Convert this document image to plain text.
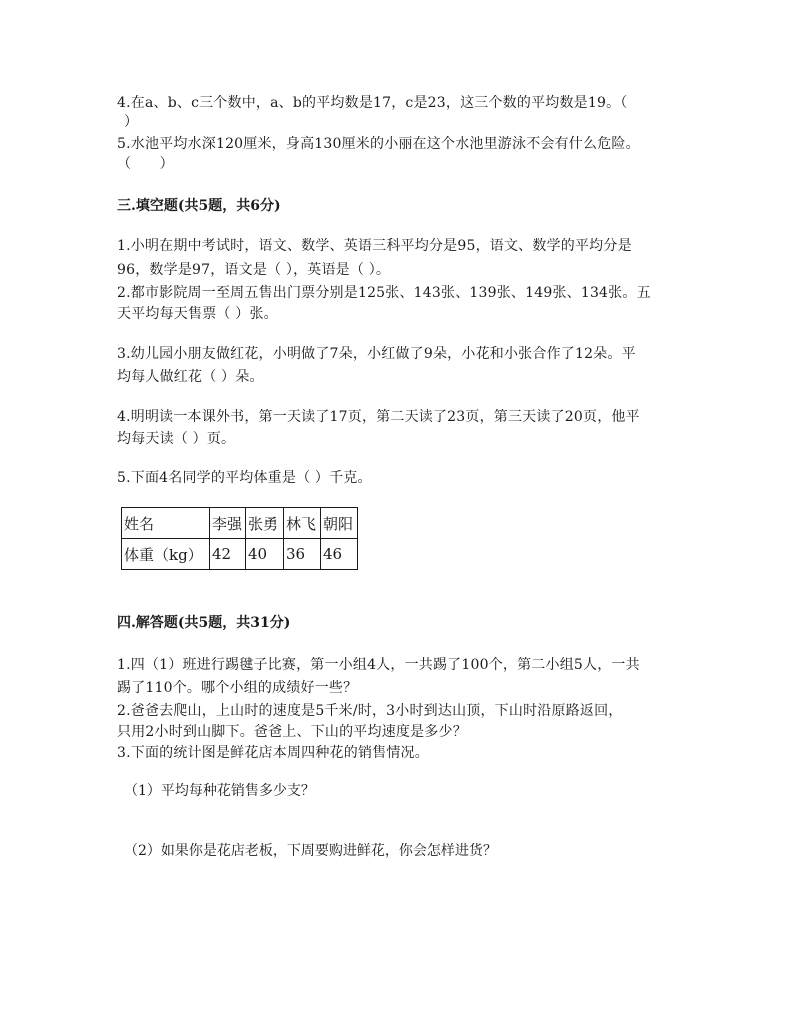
4.在a、b、c三个数中，a、b的平均数是17，c是23，这三个数的平均数是19。（
）
5.水池平均水深120厘米，身高130厘米的小丽在这个水池里游泳不会有什么危险。
（　　）
三.填空题(共5题，共6分)
1.小明在期中考试时，语文、数学、英语三科平均分是95，语文、数学的平均分是
96，数学是97，语文是（ ），英语是（ ）。
2.都市影院周一至周五售出门票分别是125张、143张、139张、149张、134张。五
天平均每天售票（ ）张。
3.幼儿园小朋友做红花，小明做了7朵，小红做了9朵，小花和小张合作了12朵。平
均每人做红花（ ）朵。
4.明明读一本课外书，第一天读了17页，第二天读了23页，第三天读了20页，他平
均每天读（ ）页。
5.下面4名同学的平均体重是（ ）千克。
姓名	李强	张勇	林飞	朝阳
体重（kg）	42	40	36	46
四.解答题(共5题，共31分)
1.四（1）班进行踢毽子比赛，第一小组4人，一共踢了100个，第二小组5人，一共
踢了110个。哪个小组的成绩好一些？
2.爸爸去爬山，上山时的速度是5千米/时，3小时到达山顶，下山时沿原路返回，
只用2小时到山脚下。爸爸上、下山的平均速度是多少？
3.下面的统计图是鲜花店本周四种花的销售情况。
（1）平均每种花销售多少支？
（2）如果你是花店老板，下周要购进鲜花，你会怎样进货？
